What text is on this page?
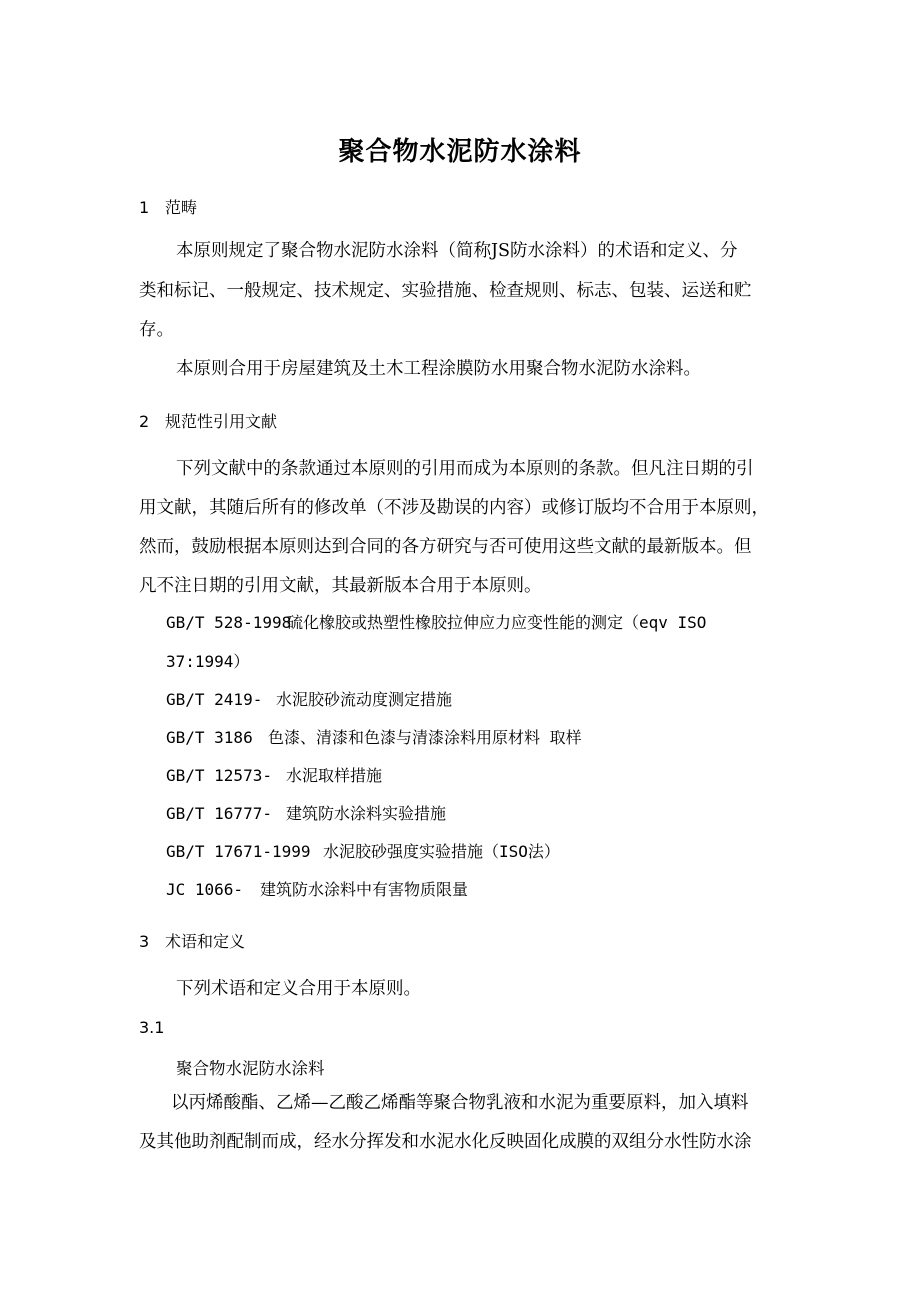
聚合物水泥防水涂料
1 范畴
本原则规定了聚合物水泥防水涂料（简称JS防水涂料）的术语和定义、分
类和标记、一般规定、技术规定、实验措施、检查规则、标志、包装、运送和贮
存。
本原则合用于房屋建筑及土木工程涂膜防水用聚合物水泥防水涂料。
2 规范性引用文献
下列文献中的条款通过本原则的引用而成为本原则的条款。但凡注日期的引
用文献，其随后所有的修改单（不涉及勘误的内容）或修订版均不合用于本原则，
然而，鼓励根据本原则达到合同的各方研究与否可使用这些文献的最新版本。但
凡不注日期的引用文献，其最新版本合用于本原则。
GB/T 528-1998硫化橡胶或热塑性橡胶拉伸应力应变性能的测定（eqv ISO
37:1994）
GB/T 2419- 水泥胶砂流动度测定措施
GB/T 3186 色漆、清漆和色漆与清漆涂料用原材料 取样
GB/T 12573- 水泥取样措施
GB/T 16777- 建筑防水涂料实验措施
GB/T 17671-1999 水泥胶砂强度实验措施（ISO法）
JC 1066- 建筑防水涂料中有害物质限量
3 术语和定义
下列术语和定义合用于本原则。
3.1
聚合物水泥防水涂料
以丙烯酸酯、乙烯—乙酸乙烯酯等聚合物乳液和水泥为重要原料，加入填料
及其他助剂配制而成，经水分挥发和水泥水化反映固化成膜的双组分水性防水涂
